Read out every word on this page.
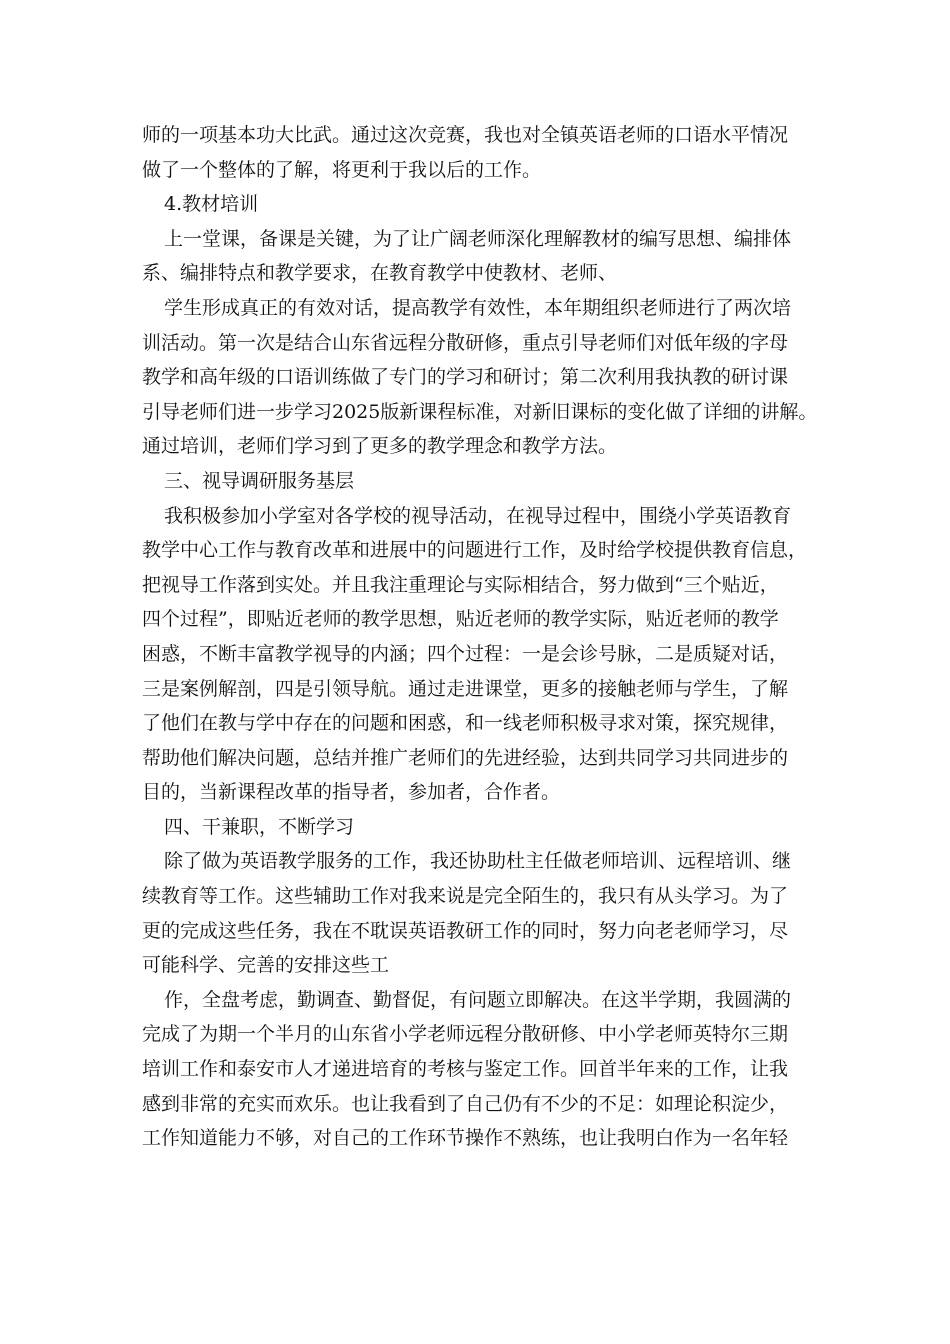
师的一项基本功大比武。通过这次竞赛，我也对全镇英语老师的口语水平情况
做了一个整体的了解，将更利于我以后的工作。
4.教材培训
上一堂课，备课是关键，为了让广阔老师深化理解教材的编写思想、编排体
系、编排特点和教学要求，在教育教学中使教材、老师、
学生形成真正的有效对话，提高教学有效性，本年期组织老师进行了两次培
训活动。第一次是结合山东省远程分散研修，重点引导老师们对低年级的字母
教学和高年级的口语训练做了专门的学习和研讨；第二次利用我执教的研讨课
引导老师们进一步学习2025版新课程标准，对新旧课标的变化做了详细的讲解。
通过培训，老师们学习到了更多的教学理念和教学方法。
三、视导调研服务基层
我积极参加小学室对各学校的视导活动，在视导过程中，围绕小学英语教育
教学中心工作与教育改革和进展中的问题进行工作，及时给学校提供教育信息，
把视导工作落到实处。并且我注重理论与实际相结合，努力做到“三个贴近，
四个过程”，即贴近老师的教学思想，贴近老师的教学实际，贴近老师的教学
困惑，不断丰富教学视导的内涵；四个过程：一是会诊号脉，二是质疑对话，
三是案例解剖，四是引领导航。通过走进课堂，更多的接触老师与学生，了解
了他们在教与学中存在的问题和困惑，和一线老师积极寻求对策，探究规律，
帮助他们解决问题，总结并推广老师们的先进经验，达到共同学习共同进步的
目的，当新课程改革的指导者，参加者，合作者。
四、干兼职，不断学习
除了做为英语教学服务的工作，我还协助杜主任做老师培训、远程培训、继
续教育等工作。这些辅助工作对我来说是完全陌生的，我只有从头学习。为了
更的完成这些任务，我在不耽误英语教研工作的同时，努力向老老师学习，尽
可能科学、完善的安排这些工
作，全盘考虑，勤调查、勤督促，有问题立即解决。在这半学期，我圆满的
完成了为期一个半月的山东省小学老师远程分散研修、中小学老师英特尔三期
培训工作和泰安市人才递进培育的考核与鉴定工作。回首半年来的工作，让我
感到非常的充实而欢乐。也让我看到了自己仍有不少的不足：如理论积淀少，
工作知道能力不够，对自己的工作环节操作不熟练，也让我明白作为一名年轻
